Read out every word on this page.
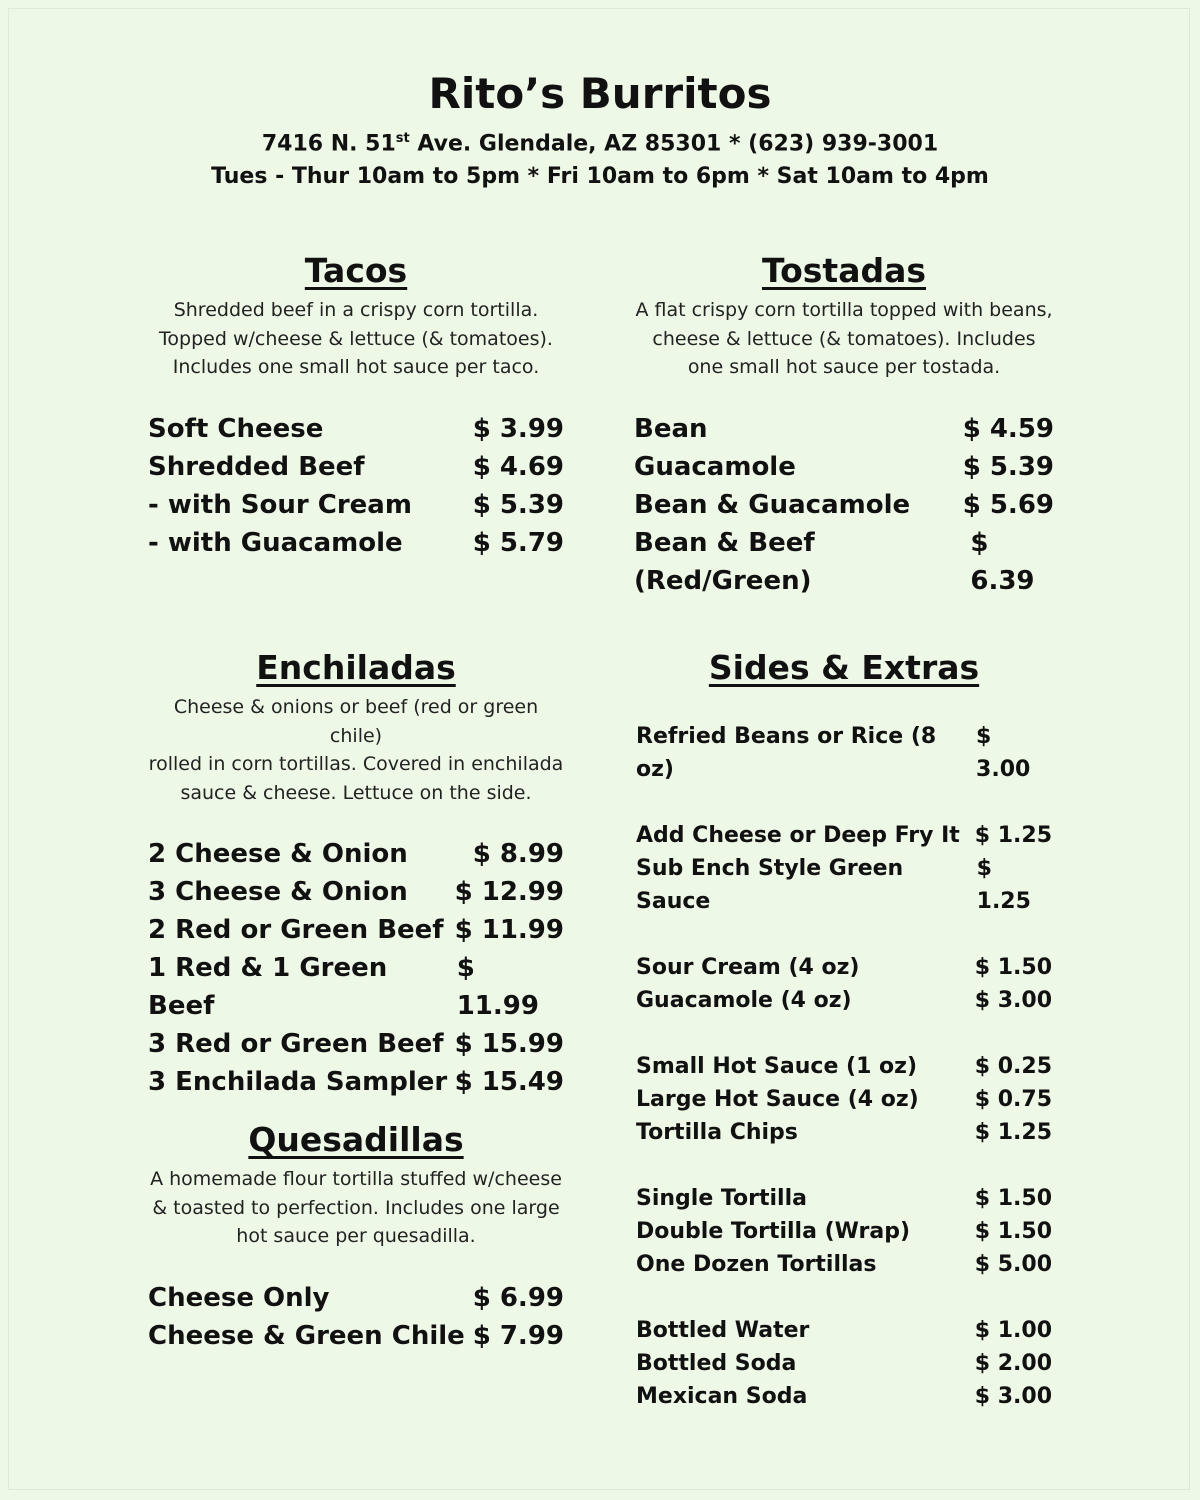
Rito’s Burritos
7416 N. 51st Ave. Glendale, AZ 85301 * (623) 939-3001
Tues - Thur 10am to 5pm * Fri 10am to 6pm * Sat 10am to 4pm
Tacos
Shredded beef in a crispy corn tortilla.
Topped w/cheese & lettuce (& tomatoes).
Includes one small hot sauce per taco.
Soft Cheese	$ 3.99
Shredded Beef	$ 4.69
- with Sour Cream $ 5.39
- with Guacamole	$ 5.79
Tostadas
A flat crispy corn tortilla topped with beans,
cheese & lettuce (& tomatoes). Includes
one small hot sauce per tostada.
Bean	$ 4.59
Guacamole	$ 5.39
Bean & Guacamole $ 5.69
Bean & Beef (Red/Green)
$ 6.39
Enchiladas
Cheese & onions or beef (red or green chile)
rolled in corn tortillas. Covered in enchilada
sauce & cheese. Lettuce on the side.
2 Cheese & Onion $ 8.99
3 Cheese & Onion $ 12.99
2 Red or Green Beef $ 11.99
1 Red & 1 Green Beef
$ 11.99
3 Red or Green Beef $ 15.99
3 Enchilada Sampler $ 15.49
Quesadillas
A homemade flour tortilla stuffed w/cheese
& toasted to perfection. Includes one large
hot sauce per quesadilla.
Cheese Only	$ 6.99
Cheese & Green Chile $ 7.99
Sides & Extras
Refried Beans or Rice (8 oz)
$ 3.00
Add Cheese or Deep Fry It $ 1.25
Sub Ench Style Green Sauce
$ 1.25
Sour Cream (4 oz)	$ 1.50
Guacamole (4 oz)	$ 3.00
Small Hot Sauce (1 oz)	$ 0.25
Large Hot Sauce (4 oz)	$ 0.75
Tortilla Chips	$ 1.25
Single Tortilla	$ 1.50
Double Tortilla (Wrap)	$ 1.50
One Dozen Tortillas	$ 5.00
Bottled Water	$ 1.00
Bottled Soda	$ 2.00
Mexican Soda	$ 3.00
